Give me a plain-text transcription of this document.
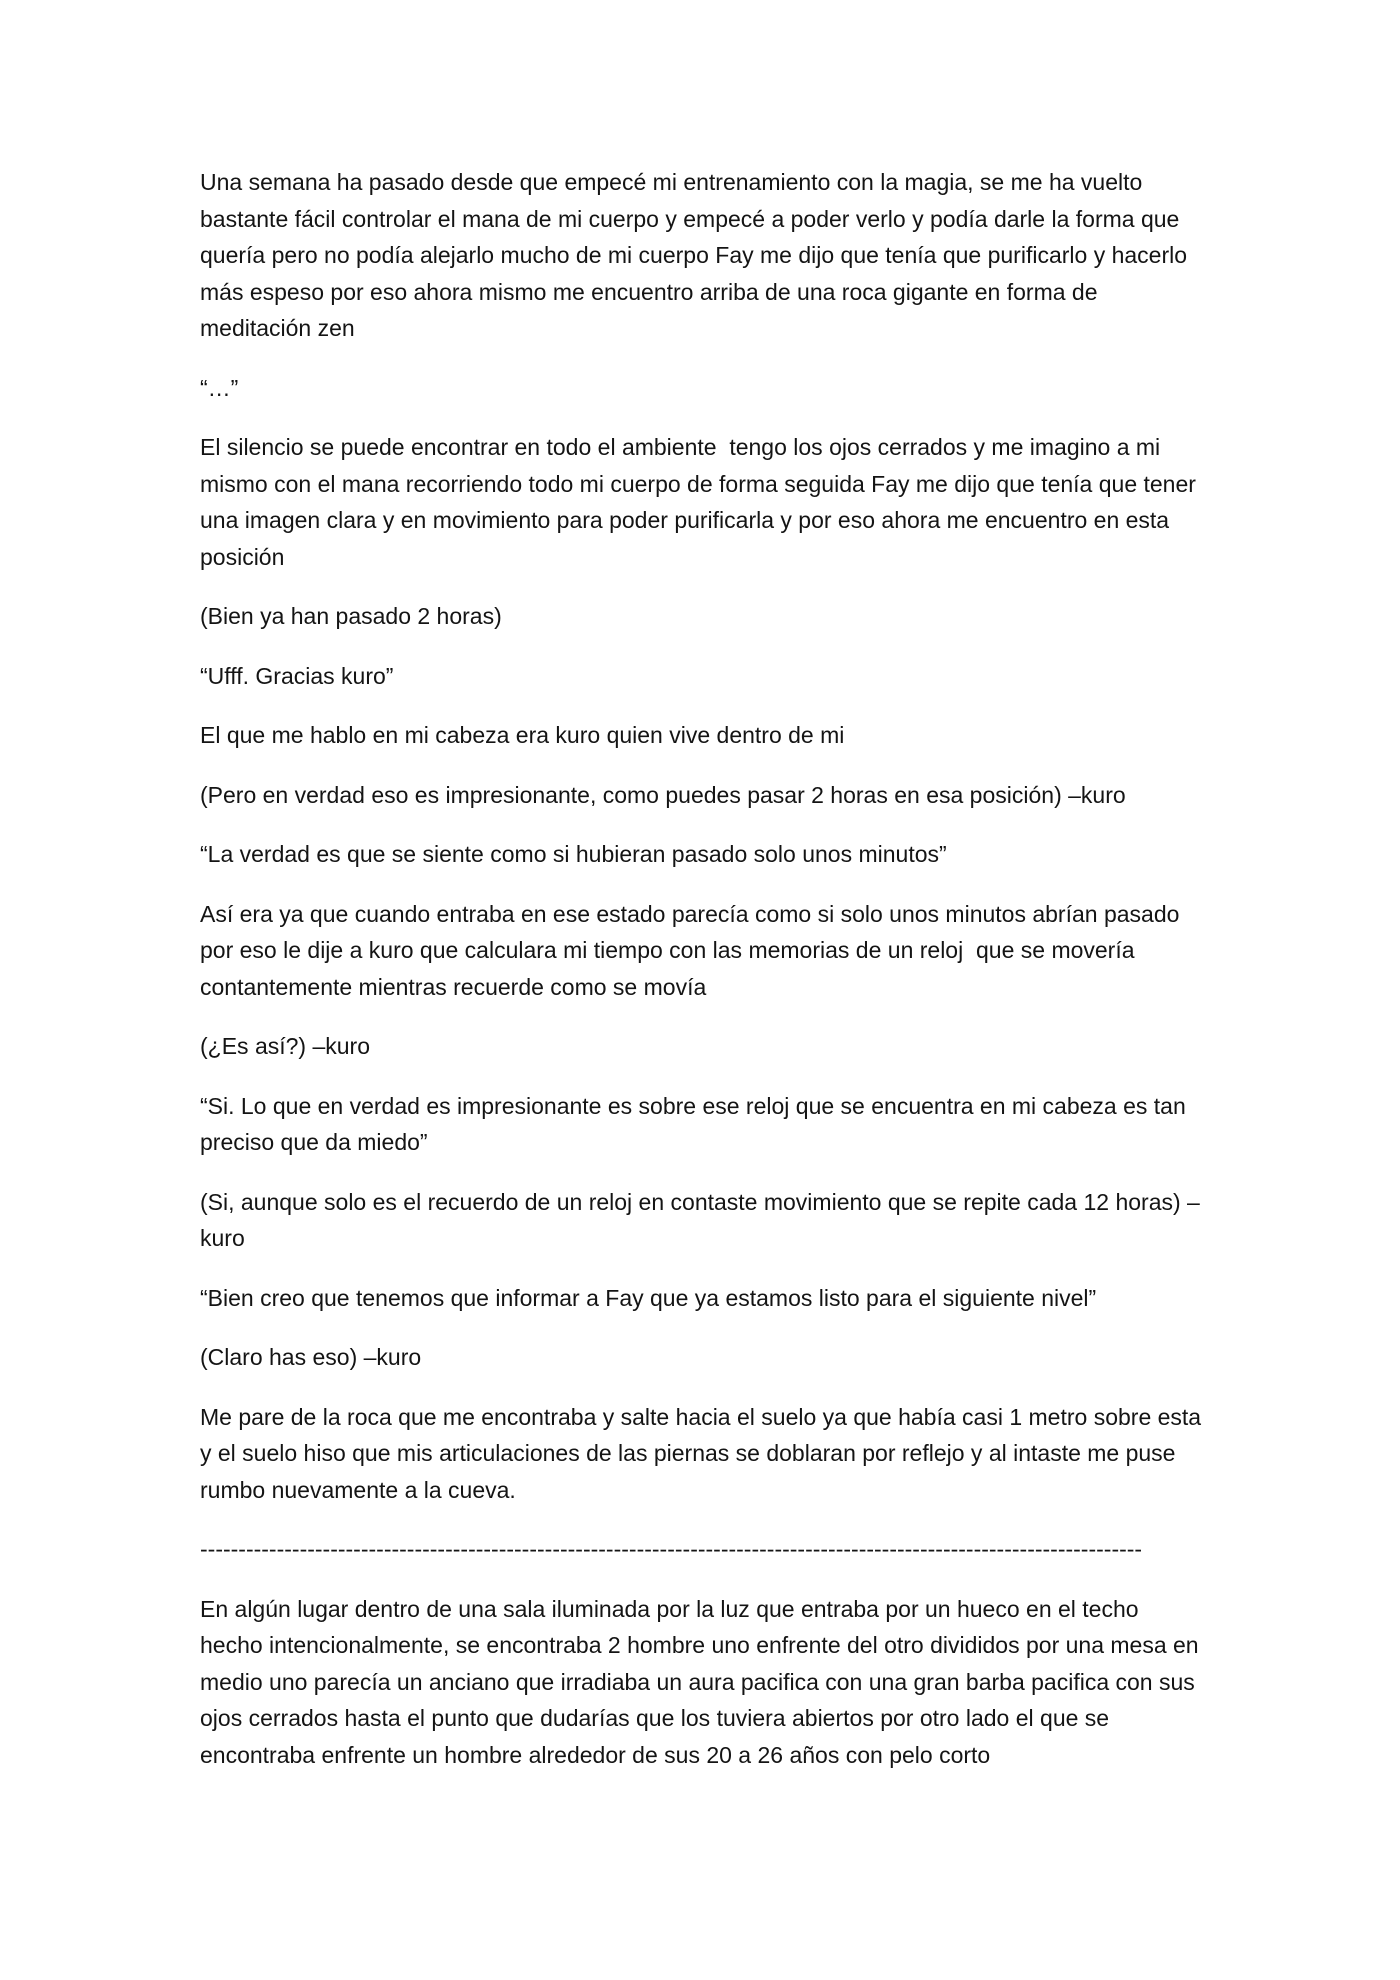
Una semana ha pasado desde que empecé mi entrenamiento con la magia, se me ha vuelto bastante fácil controlar el mana de mi cuerpo y empecé a poder verlo y podía darle la forma que quería pero no podía alejarlo mucho de mi cuerpo Fay me dijo que tenía que purificarlo y hacerlo más espeso por eso ahora mismo me encuentro arriba de una roca gigante en forma de meditación zen

“…”

El silencio se puede encontrar en todo el ambiente  tengo los ojos cerrados y me imagino a mi mismo con el mana recorriendo todo mi cuerpo de forma seguida Fay me dijo que tenía que tener una imagen clara y en movimiento para poder purificarla y por eso ahora me encuentro en esta posición

(Bien ya han pasado 2 horas)

“Ufff. Gracias kuro”

El que me hablo en mi cabeza era kuro quien vive dentro de mi

(Pero en verdad eso es impresionante, como puedes pasar 2 horas en esa posición) –kuro

“La verdad es que se siente como si hubieran pasado solo unos minutos”

Así era ya que cuando entraba en ese estado parecía como si solo unos minutos abrían pasado por eso le dije a kuro que calculara mi tiempo con las memorias de un reloj  que se movería contantemente mientras recuerde como se movía

(¿Es así?) –kuro

“Si. Lo que en verdad es impresionante es sobre ese reloj que se encuentra en mi cabeza es tan preciso que da miedo”

(Si, aunque solo es el recuerdo de un reloj en contaste movimiento que se repite cada 12 horas) –kuro

“Bien creo que tenemos que informar a Fay que ya estamos listo para el siguiente nivel”

(Claro has eso) –kuro

Me pare de la roca que me encontraba y salte hacia el suelo ya que había casi 1 metro sobre esta y el suelo hiso que mis articulaciones de las piernas se doblaran por reflejo y al intaste me puse rumbo nuevamente a la cueva.

---------------------------------------------------------------------------------------------------------------------------

En algún lugar dentro de una sala iluminada por la luz que entraba por un hueco en el techo hecho intencionalmente, se encontraba 2 hombre uno enfrente del otro divididos por una mesa en medio uno parecía un anciano que irradiaba un aura pacifica con una gran barba pacifica con sus ojos cerrados hasta el punto que dudarías que los tuviera abiertos por otro lado el que se encontraba enfrente un hombre alrededor de sus 20 a 26 años con pelo corto
